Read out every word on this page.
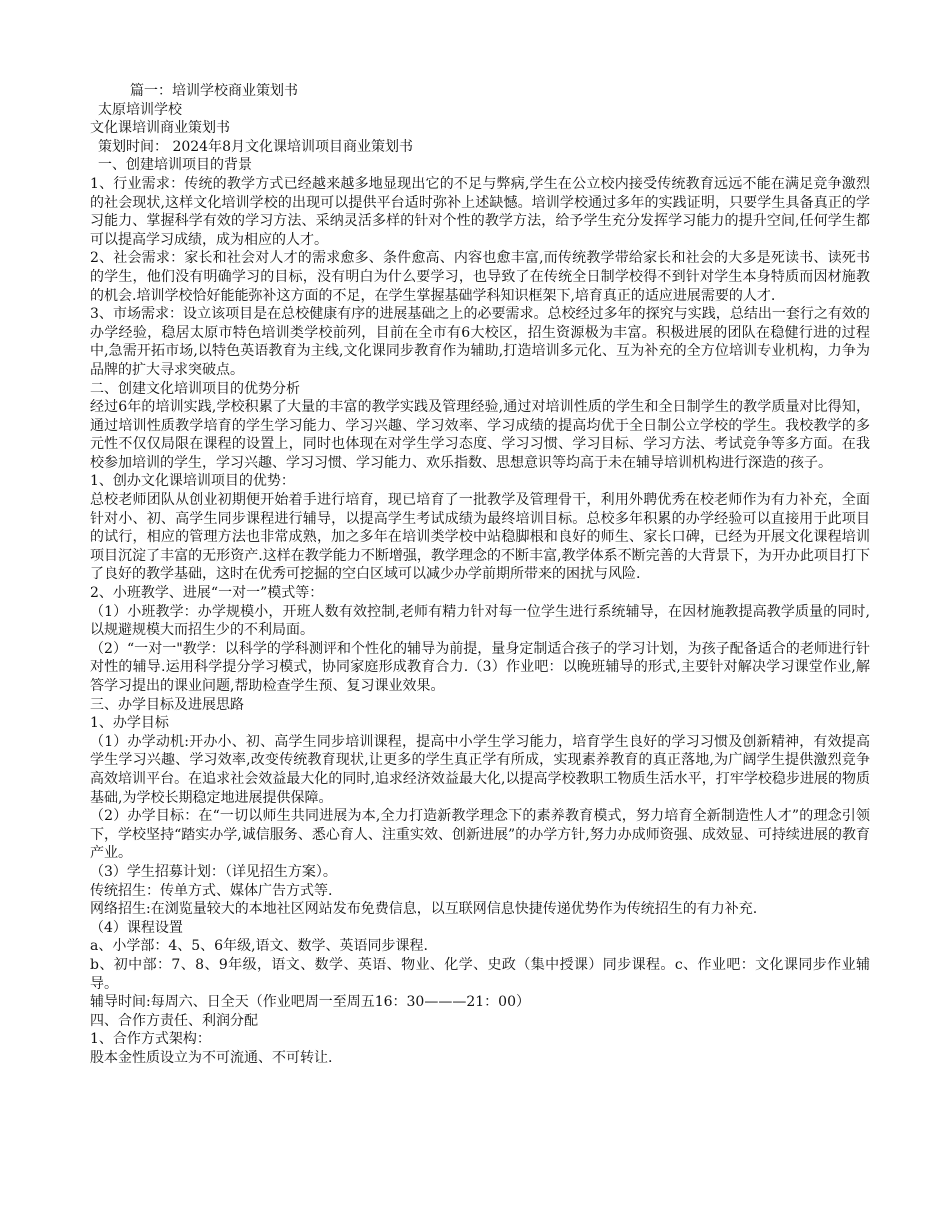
篇一：培训学校商业策划书

太原培训学校

文化课培训商业策划书

策划时间： 2024年8月文化课培训项目商业策划书

一、创建培训项目的背景

1、行业需求：传统的教学方式已经越来越多地显现出它的不足与弊病,学生在公立校内接受传统教育远远不能在满足竞争激烈的社会现状,这样文化培训学校的出现可以提供平台适时弥补上述缺憾。培训学校通过多年的实践证明，只要学生具备真正的学习能力、掌握科学有效的学习方法、采纳灵活多样的针对个性的教学方法，给予学生充分发挥学习能力的提升空间,任何学生都可以提高学习成绩，成为相应的人才。

2、社会需求：家长和社会对人才的需求愈多、条件愈高、内容也愈丰富,而传统教学带给家长和社会的大多是死读书、读死书的学生，他们没有明确学习的目标，没有明白为什么要学习，也导致了在传统全日制学校得不到针对学生本身特质而因材施教的机会.培训学校恰好能能弥补这方面的不足，在学生掌握基础学科知识框架下,培育真正的适应进展需要的人才.

3、市场需求：设立该项目是在总校健康有序的进展基础之上的必要需求。总校经过多年的探究与实践，总结出一套行之有效的办学经验，稳居太原市特色培训类学校前列，目前在全市有6大校区，招生资源极为丰富。积极进展的团队在稳健行进的过程中,急需开拓市场,以特色英语教育为主线,文化课同步教育作为辅助,打造培训多元化、互为补充的全方位培训专业机构，力争为品牌的扩大寻求突破点。

二、创建文化培训项目的优势分析

经过6年的培训实践,学校积累了大量的丰富的教学实践及管理经验,通过对培训性质的学生和全日制学生的教学质量对比得知，通过培训性质教学培育的学生学习能力、学习兴趣、学习效率、学习成绩的提高均优于全日制公立学校的学生。我校教学的多元性不仅仅局限在课程的设置上，同时也体现在对学生学习态度、学习习惯、学习目标、学习方法、考试竞争等多方面。在我校参加培训的学生，学习兴趣、学习习惯、学习能力、欢乐指数、思想意识等均高于未在辅导培训机构进行深造的孩子。

1、创办文化课培训项目的优势：

总校老师团队从创业初期便开始着手进行培育，现已培育了一批教学及管理骨干，利用外聘优秀在校老师作为有力补充，全面针对小、初、高学生同步课程进行辅导，以提高学生考试成绩为最终培训目标。总校多年积累的办学经验可以直接用于此项目的试行，相应的管理方法也非常成熟，加之多年在培训类学校中站稳脚根和良好的师生、家长口碑，已经为开展文化课程培训项目沉淀了丰富的无形资产.这样在教学能力不断增强，教学理念的不断丰富,教学体系不断完善的大背景下，为开办此项目打下了良好的教学基础，这时在优秀可挖掘的空白区域可以减少办学前期所带来的困扰与风险.

2、小班教学、进展“一对一”模式等：

（1）小班教学：办学规模小，开班人数有效控制,老师有精力针对每一位学生进行系统辅导，在因材施教提高教学质量的同时,以规避规模大而招生少的不利局面。

（2）“一对一"教学：以科学的学科测评和个性化的辅导为前提，量身定制适合孩子的学习计划，为孩子配备适合的老师进行针对性的辅导.运用科学提分学习模式，协同家庭形成教育合力.（3）作业吧：以晚班辅导的形式,主要针对解决学习课堂作业,解答学习提出的课业问题,帮助检查学生预、复习课业效果。

三、办学目标及进展思路

1、办学目标

（1）办学动机:开办小、初、高学生同步培训课程，提高中小学生学习能力，培育学生良好的学习习惯及创新精神，有效提高学生学习兴趣、学习效率,改变传统教育现状,让更多的学生真正学有所成，实现素养教育的真正落地,为广阔学生提供激烈竞争高效培训平台。在追求社会效益最大化的同时,追求经济效益最大化,以提高学校教职工物质生活水平，打牢学校稳步进展的物质基础,为学校长期稳定地进展提供保障。

（2）办学目标：在“一切以师生共同进展为本,全力打造新教学理念下的素养教育模式，努力培育全新制造性人才”的理念引领下，学校坚持“踏实办学,诚信服务、悉心育人、注重实效、创新进展”的办学方针,努力办成师资强、成效显、可持续进展的教育产业。

（3）学生招募计划：（详见招生方案）。

传统招生：传单方式、媒体广告方式等.

网络招生:在浏览量较大的本地社区网站发布免费信息，以互联网信息快捷传递优势作为传统招生的有力补充.

（4）课程设置

a、小学部：4、5、6年级,语文、数学、英语同步课程.

b、初中部：7、8、9年级，语文、数学、英语、物业、化学、史政（集中授课）同步课程。c、作业吧：文化课同步作业辅导。

辅导时间:每周六、日全天（作业吧周一至周五16：30———21：00）

四、合作方责任、利润分配

1、合作方式架构：

股本金性质设立为不可流通、不可转让.
